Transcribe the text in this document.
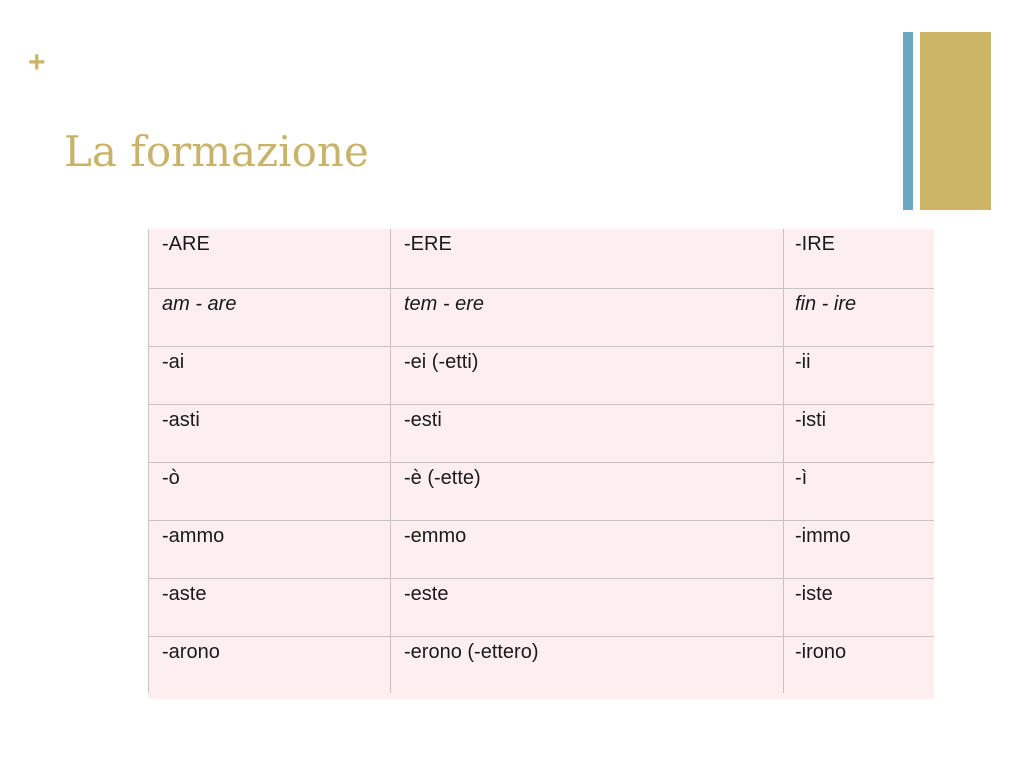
+
La formazione
-ARE	-ERE	-IRE
am - are	tem - ere	fin - ire
-ai	-ei (-etti)	-ii
-asti	-esti	-isti
-ò	-è (-ette)	-ì
-ammo	-emmo	-immo
-aste	-este	-iste
-arono	-erono (-ettero)	-irono
